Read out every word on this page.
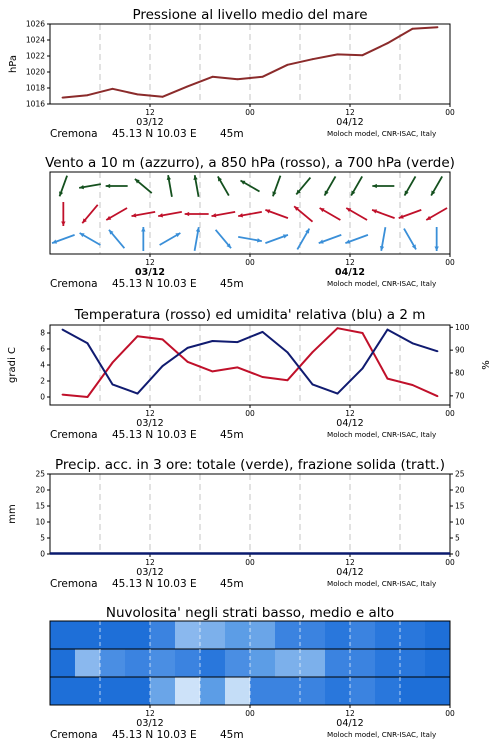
Pressione al livello medio del mare
12	00	12	00
03/12	04/12
Cremona 45.13 N 10.03 E 45m	Moloch model, CNR-ISAC, Italy
1016
1018
1020
1022
1024
1026
hPa
Vento a 10 m (azzurro), a 850 hPa (rosso), a 700 hPa (verde)
12	00	12	00
03/12	04/12
Cremona 45.13 N 10.03 E 45m	Moloch model, CNR-ISAC, Italy
Temperatura (rosso) ed umidita' relativa (blu) a 2 m
12	00	12	00
03/12	04/12
Cremona 45.13 N 10.03 E 45m	Moloch model, CNR-ISAC, Italy
0
2
4
6
8
gradi C
70
80
90
100
%
Precip. acc. in 3 ore: totale (verde), frazione solida (tratt.)
12	00	12	00
03/12	04/12
Cremona 45.13 N 10.03 E 45m	Moloch model, CNR-ISAC, Italy
0
5
10
15
20
25
mm
0
5
10
15
20
25
Nuvolosita' negli strati basso, medio e alto
12	00	12	00
03/12	04/12
Cremona 45.13 N 10.03 E 45m	Moloch model, CNR-ISAC, Italy
